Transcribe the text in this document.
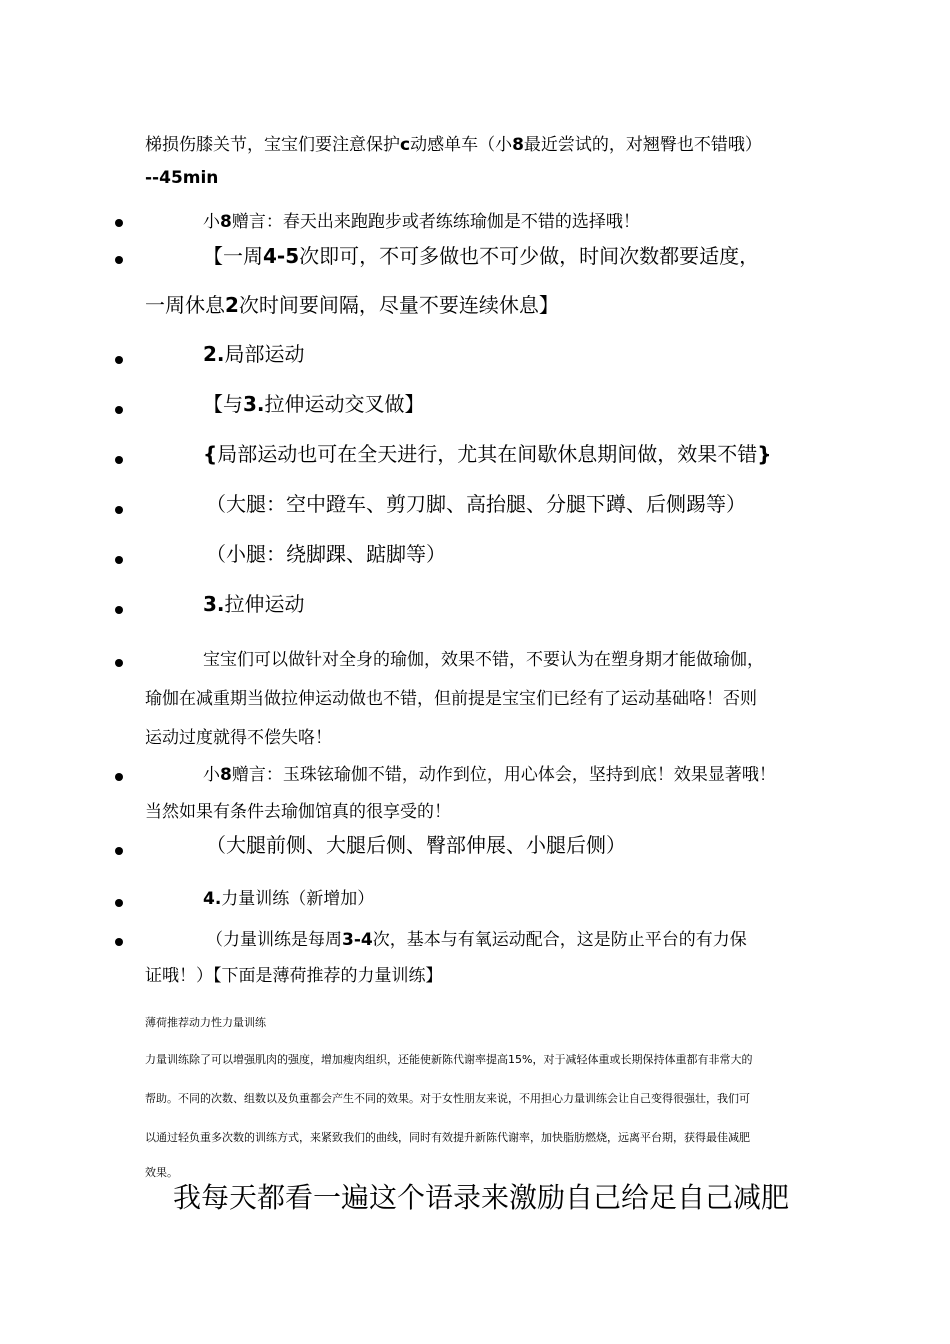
梯损伤膝关节，宝宝们要注意保护c动感单车（小8最近尝试的，对翘臀也不错哦）
--45min
小8赠言：春天出来跑跑步或者练练瑜伽是不错的选择哦！
【一周4-5次即可，不可多做也不可少做，时间次数都要适度，
一周休息2次时间要间隔，尽量不要连续休息】
2.局部运动
【与3.拉伸运动交叉做】
{局部运动也可在全天进行，尤其在间歇休息期间做，效果不错}
（大腿：空中蹬车、剪刀脚、高抬腿、分腿下蹲、后侧踢等）
（小腿：绕脚踝、踮脚等）
3.拉伸运动
宝宝们可以做针对全身的瑜伽，效果不错，不要认为在塑身期才能做瑜伽，
瑜伽在减重期当做拉伸运动做也不错，但前提是宝宝们已经有了运动基础咯！否则
运动过度就得不偿失咯！
小8赠言：玉珠铉瑜伽不错，动作到位，用心体会，坚持到底！效果显著哦！
当然如果有条件去瑜伽馆真的很享受的！
（大腿前侧、大腿后侧、臀部伸展、小腿后侧）
4.力量训练（新增加）
（力量训练是每周3-4次，基本与有氧运动配合，这是防止平台的有力保
证哦！）【下面是薄荷推荐的力量训练】
薄荷推荐动力性力量训练
力量训练除了可以增强肌肉的强度，增加瘦肉组织，还能使新陈代谢率提高15%，对于减轻体重或长期保持体重都有非常大的
帮助。不同的次数、组数以及负重都会产生不同的效果。对于女性朋友来说，不用担心力量训练会让自己变得很强壮，我们可
以通过轻负重多次数的训练方式，来紧致我们的曲线，同时有效提升新陈代谢率，加快脂肪燃烧，远离平台期，获得最佳减肥
效果。
我每天都看一遍这个语录来激励自己给足自己减肥
